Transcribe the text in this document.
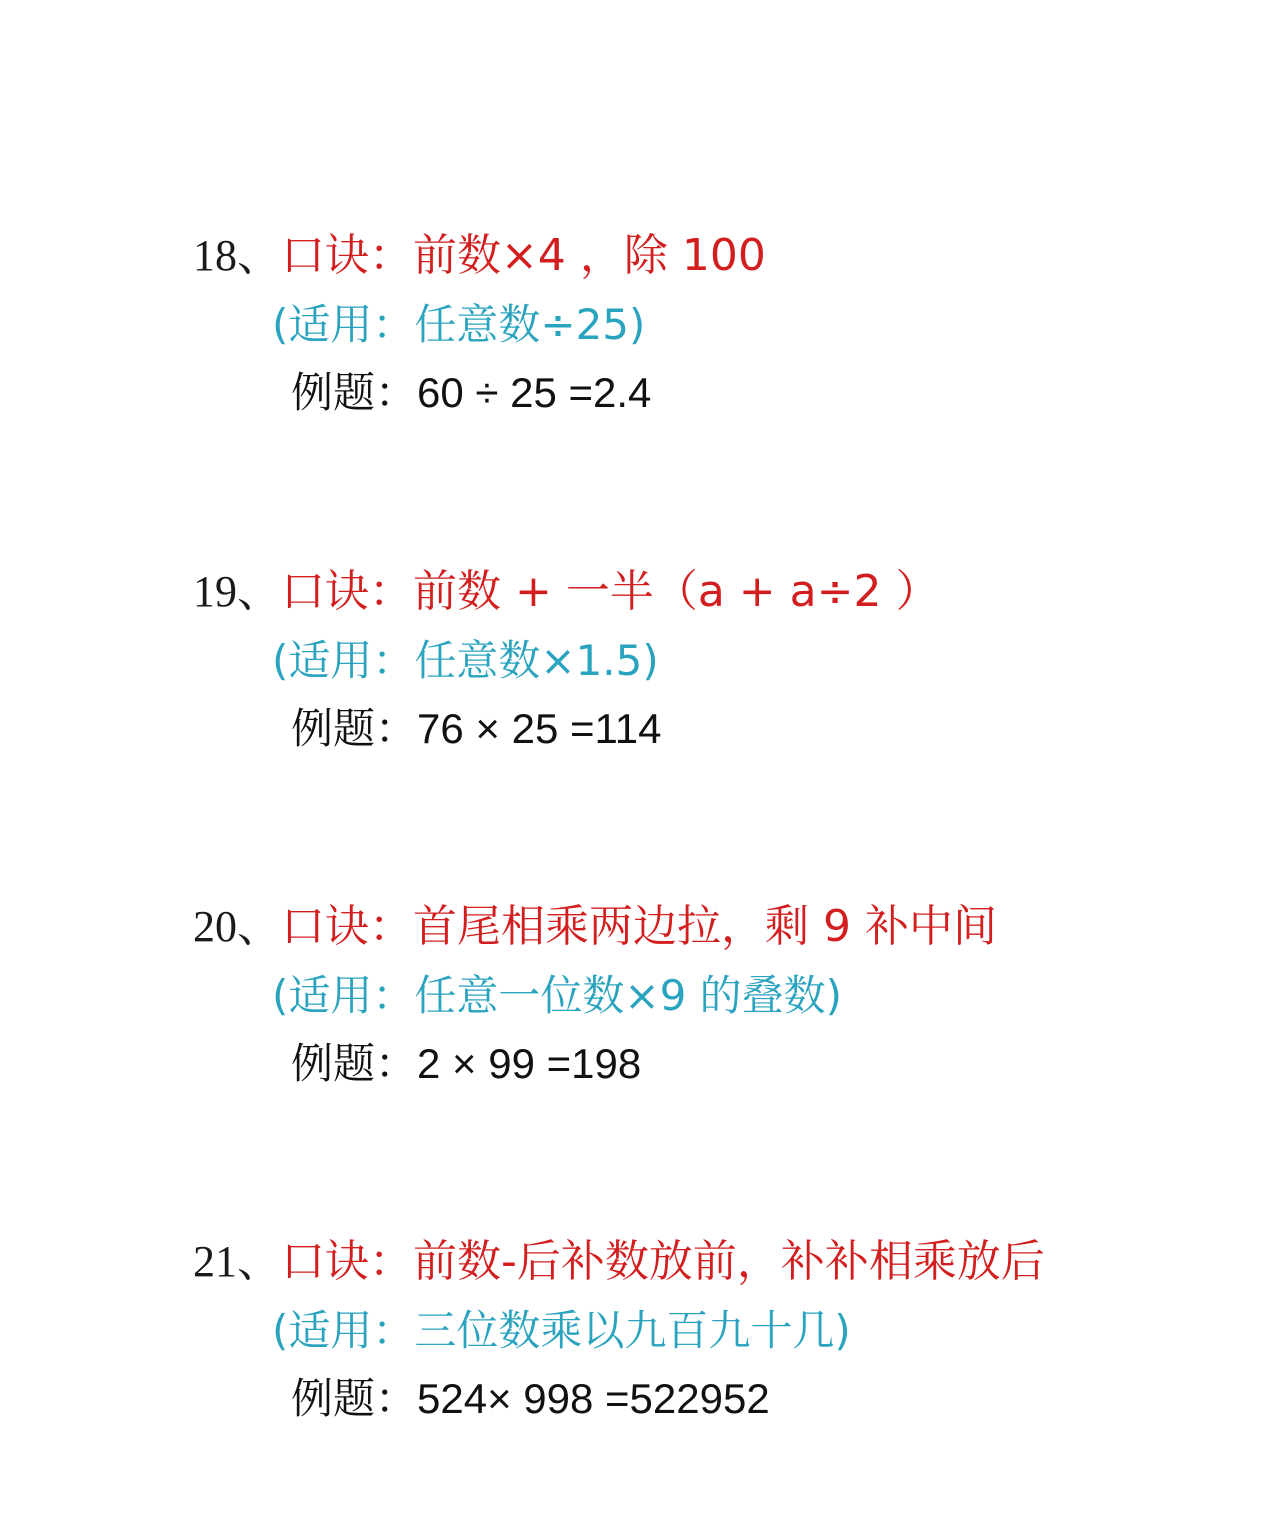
18、口诀：前数×4 ，除 100
(适用：任意数÷25)
例题：60 ÷ 25 =2.4
19、口诀：前数 + 一半（a + a÷2 ）
(适用：任意数×1.5)
例题：76 × 25 =114
20、口诀：首尾相乘两边拉，剩 9 补中间
(适用：任意一位数×9 的叠数)
例题：2 × 99 =198
21、口诀：前数-后补数放前，补补相乘放后
(适用：三位数乘以九百九十几)
例题：524× 998 =522952
